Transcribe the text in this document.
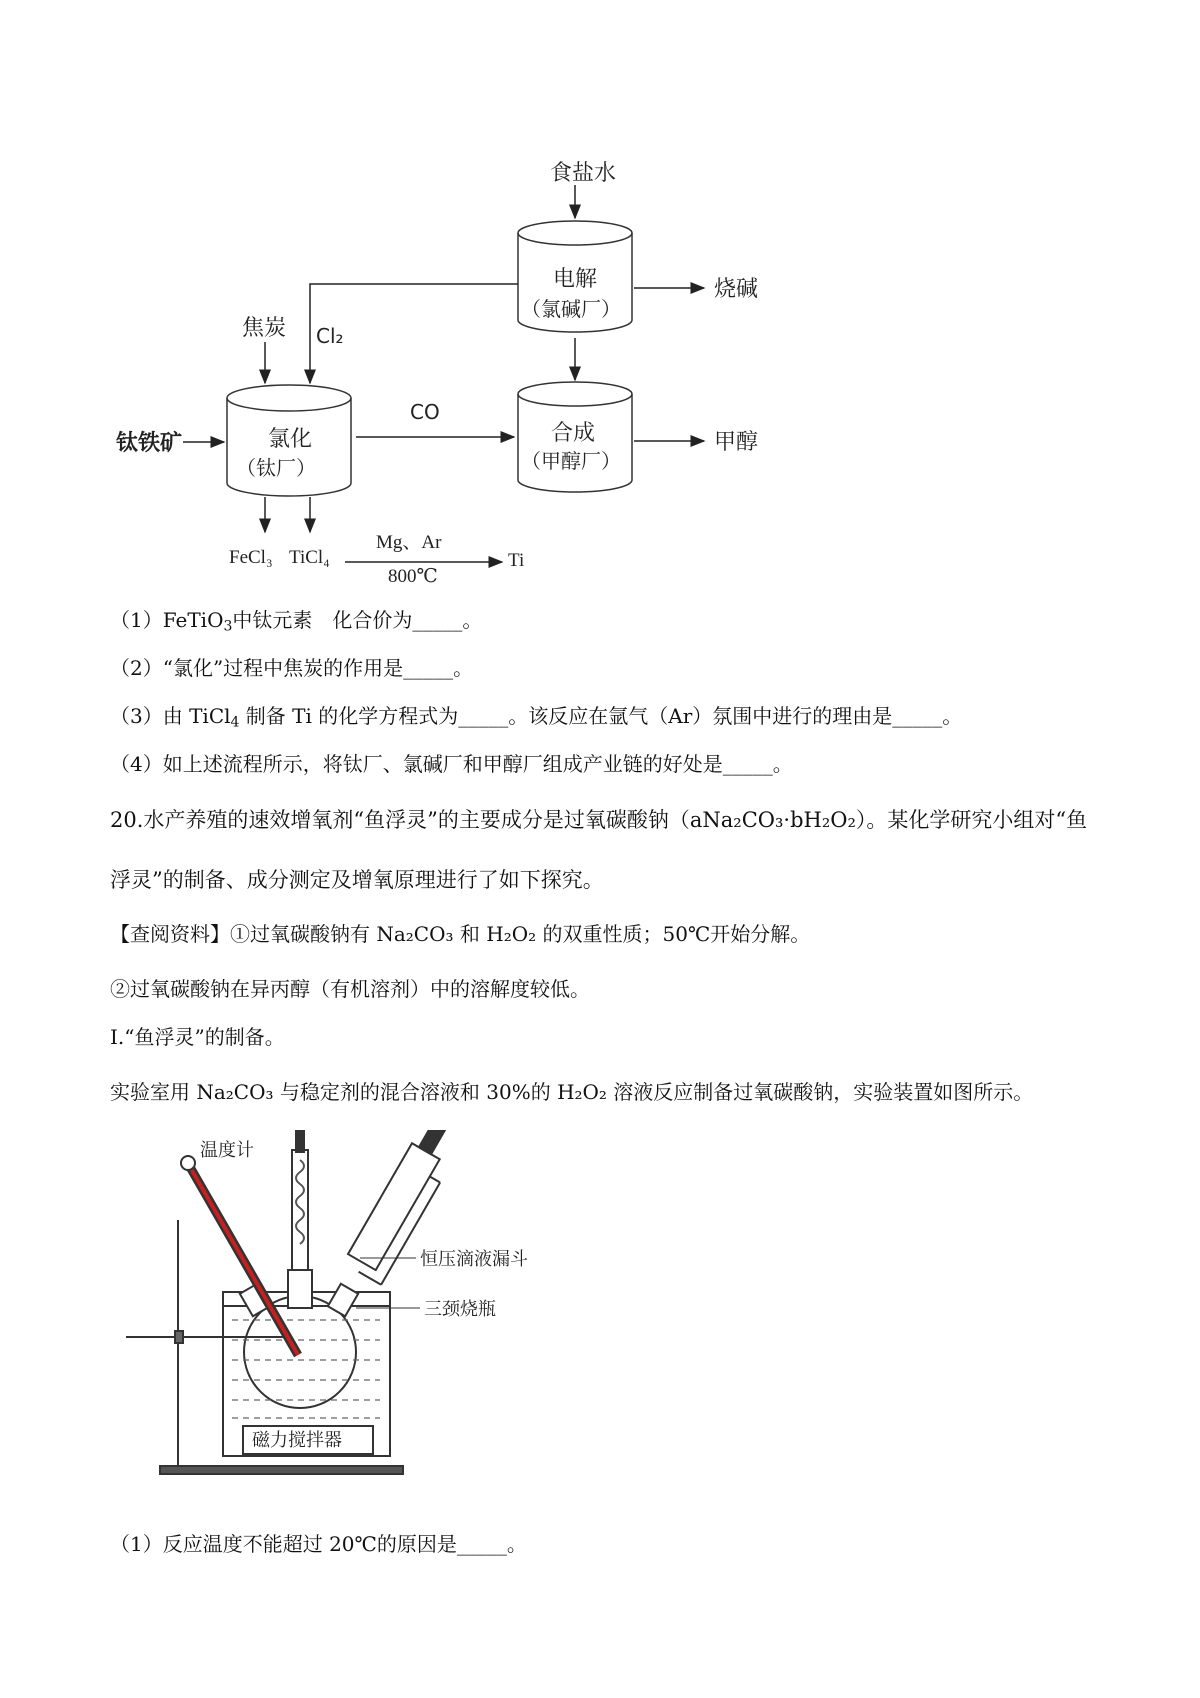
食盐水
电解
（氯碱厂）
烧碱
焦炭 Cl₂
钛铁矿	氯化
（钛厂）
CO
合成
（甲醇厂）
甲醇
FeCl₃ TiCl₄
Mg、Ar
800℃
Ti
（1）FeTiO$_3$中钛元素　化合价为_____。
（2）“氯化”过程中焦炭的作用是_____。
（3）由 TiCl$_4$ 制备 Ti 的化学方程式为_____。该反应在氩气（Ar）氛围中进行的理由是_____。
（4）如上述流程所示，将钛厂、氯碱厂和甲醇厂组成产业链的好处是_____。
20.水产养殖的速效增氧剂“鱼浮灵”的主要成分是过氧碳酸钠（aNa₂CO₃·bH₂O₂）。某化学研究小组对“鱼
浮灵”的制备、成分测定及增氧原理进行了如下探究。
【查阅资料】①过氧碳酸钠有 Na₂CO₃ 和 H₂O₂ 的双重性质；50℃开始分解。
②过氧碳酸钠在异丙醇（有机溶剂）中的溶解度较低。
Ⅰ.“鱼浮灵”的制备。
实验室用 Na₂CO₃ 与稳定剂的混合溶液和 30%的 H₂O₂ 溶液反应制备过氧碳酸钠，实验装置如图所示。
温度计
恒压滴液漏斗
三颈烧瓶
磁力搅拌器
（1）反应温度不能超过 20℃的原因是_____。
